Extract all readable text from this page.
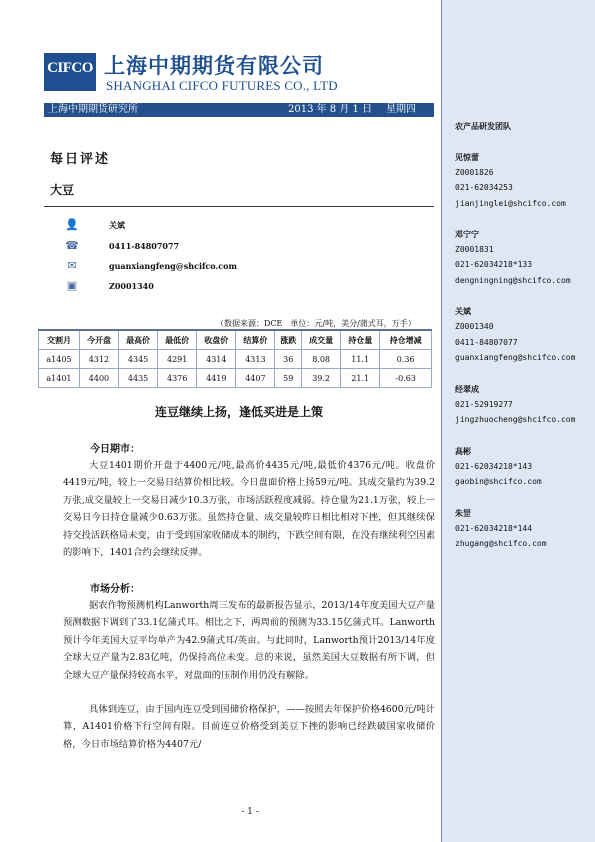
农产品研发团队
见惊蕾
Z0001826
021-62034253
jianjinglei@shcifco.com
邓宁宁
Z0001831
021-62034218*133
dengningning@shcifco.com
关斌
Z0001340
0411-84807077
guanxiangfeng@shcifco.com
经翠成
021-52919277
jingzhuocheng@shcifco.com
高彬
021-62034218*143
gaobin@shcifco.com
朱罡
021-62034218*144
zhugang@shcifco.com
CIFCO 上海中期期货有限公司
SHANGHAI CIFCO FUTURES CO., LTD
上海中期期货研究所	2013 年 8 月 1 日 星期四
每日评述
大豆
👤	关斌
☎	0411-84807077
✉	guanxiangfeng@shcifco.com
▣	Z0001340
（数据来源：DCE　单位：元/吨，美分/蒲式耳，万手）
交割月	今开盘	最高价	最低价	收盘价	结算价	涨跌	成交量	持仓量	持仓增减
a1405	4312	4345	4291	4314	4313	36	8.08	11.1	0.36
a1401	4400	4435	4376	4419	4407	59	39.2	21.1	-0.63
连豆继续上扬，逢低买进是上策
今日期市：

大豆1401期价开盘于4400元/吨,最高价4435元/吨,最低价4376元/吨。收盘价4419元/吨，较上一交易日结算价相比较。今日盘面价格上扬59元/吨。其成交量约为39.2万张,成交量较上一交易日减少10.3万张，市场活跃程度减弱。持仓量为21.1万张，较上一交易日今日持仓量减少0.63万张。虽然持仓量、成交量较昨日相比相对下挫，但其继续保持交投活跃格局未变，由于受到国家收储成本的制约，下跌空间有限，在没有继续利空因素的影响下，1401合约会继续反弹。

市场分析：

据农作物预测机构Lanworth周三发布的最新报告显示，2013/14年度美国大豆产量预测数据下调到了33.1亿蒲式耳。相比之下，两周前的预测为33.15亿蒲式耳。Lanworth预计今年美国大豆平均单产为42.9蒲式耳/英亩。与此同时，Lanworth预计2013/14年度全球大豆产量为2.83亿吨，仍保持高位未变。总的来说，虽然美国大豆数据有所下调，但全球大豆产量保持较高水平，对盘面的压制作用仍没有解除。

具体到连豆，由于国内连豆受到国储价格保护，——按照去年保护价格4600元/吨计算，A1401价格下行空间有限。目前连豆价格受到美豆下挫的影响已经跌破国家收储价格，今日市场结算价格为4407元/

- 1 -
